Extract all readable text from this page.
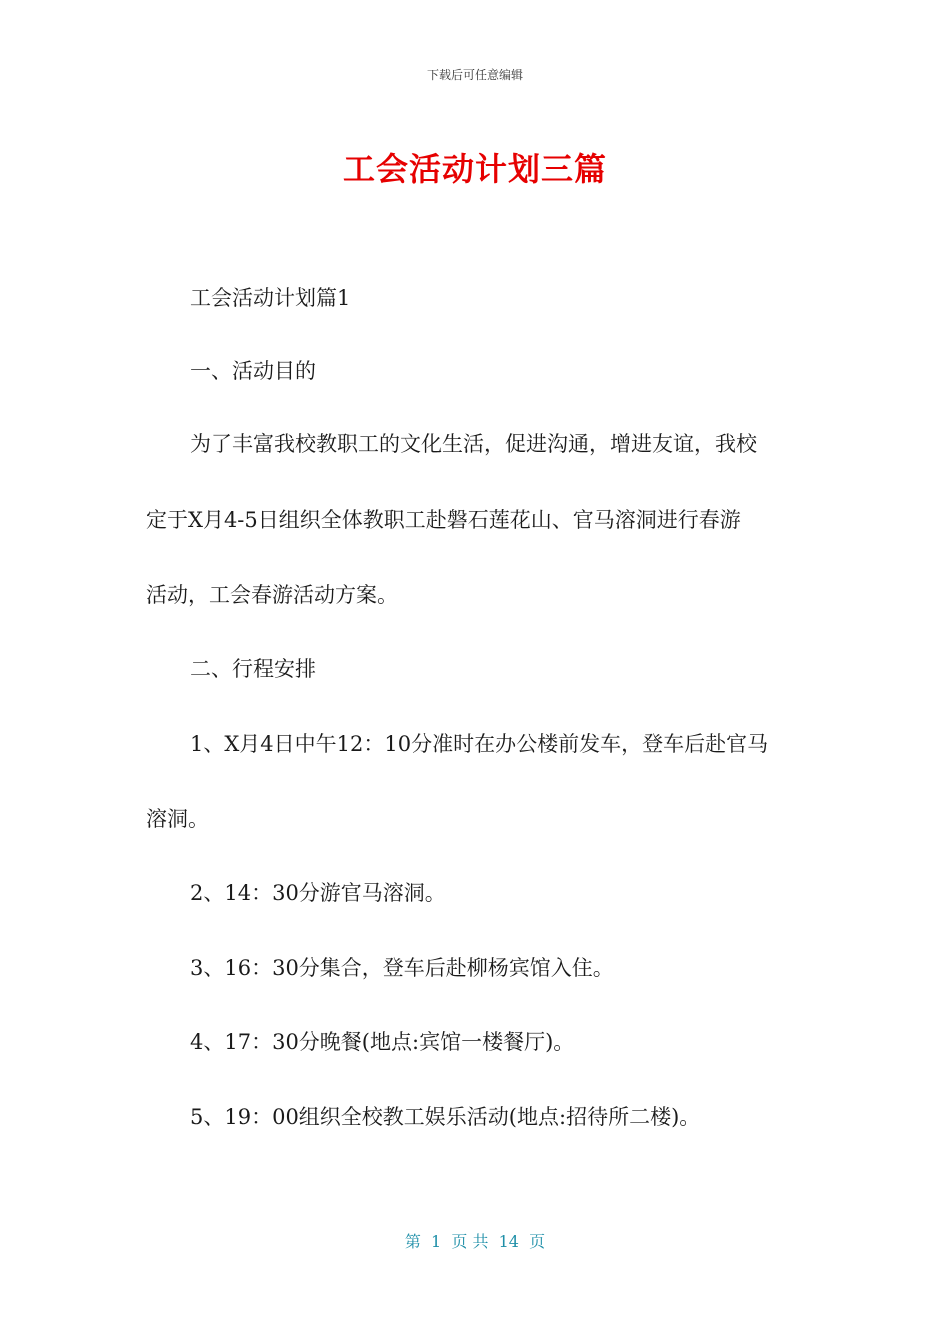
下载后可任意编辑
工会活动计划三篇
工会活动计划篇1
一、活动目的
为了丰富我校教职工的文化生活，促进沟通，增进友谊，我校
定于X月4-5日组织全体教职工赴磐石莲花山、官马溶洞进行春游
活动，工会春游活动方案。
二、行程安排
1、X月4日中午12：10分准时在办公楼前发车，登车后赴官马
溶洞。
2、14：30分游官马溶洞。
3、16：30分集合，登车后赴柳杨宾馆入住。
4、17：30分晚餐(地点:宾馆一楼餐厅)。
5、19：00组织全校教工娱乐活动(地点:招待所二楼)。
第  1  页 共  14  页
